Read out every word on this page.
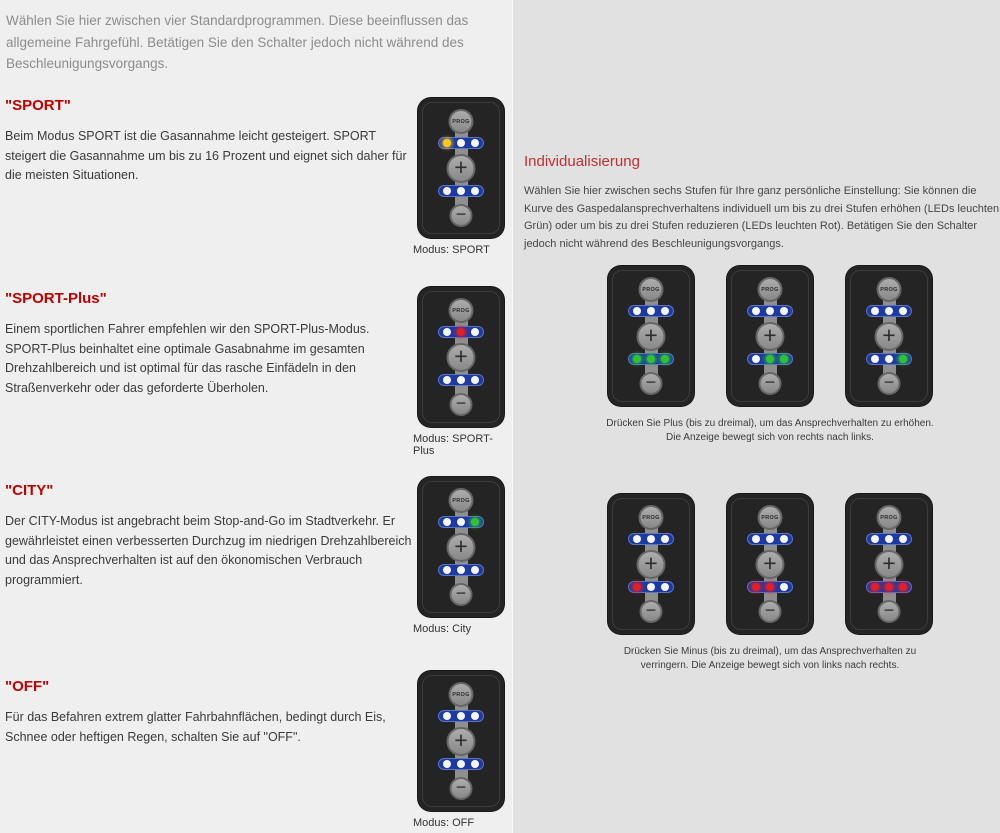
Wählen Sie hier zwischen vier Standardprogrammen. Diese beeinflussen das allgemeine Fahrgefühl. Betätigen Sie den Schalter jedoch nicht während des Beschleunigungsvorgangs.

"SPORT"

Beim Modus SPORT ist die Gasannahme leicht gesteigert. SPORT steigert die Gasannahme um bis zu 16 Prozent und eignet sich daher für die meisten Situationen.

"SPORT-Plus"

Einem sportlichen Fahrer empfehlen wir den SPORT-Plus-Modus. SPORT-Plus beinhaltet eine optimale Gasabnahme im gesamten Drehzahlbereich und ist optimal für das rasche Einfädeln in den Straßenverkehr oder das geforderte Überholen.

"CITY"

Der CITY-Modus ist angebracht beim Stop-and-Go im Stadtverkehr. Er gewährleistet einen verbesserten Durchzug im niedrigen Drehzahlbereich und das Ansprechverhalten ist auf den ökonomischen Verbrauch programmiert.

"OFF"

Für das Befahren extrem glatter Fahrbahnflächen, bedingt durch Eis, Schnee oder heftigen Regen, schalten Sie auf "OFF".

PROG
+
−
Modus: SPORT
PROG
+
−
Modus: SPORT-Plus
PROG
+
−
Modus: City
PROG
+
−
Modus: OFF
Individualisierung

Wählen Sie hier zwischen sechs Stufen für Ihre ganz persönliche Einstellung: Sie können die Kurve des Gaspedalansprechverhaltens individuell um bis zu drei Stufen erhöhen (LEDs leuchten Grün) oder um bis zu drei Stufen reduzieren (LEDs leuchten Rot). Betätigen Sie den Schalter jedoch nicht während des Beschleunigungsvorgangs.

PROG
+
−
PROG
+
−
PROG
+
−

Drücken Sie Plus (bis zu dreimal), um das Ansprechverhalten zu erhöhen. Die Anzeige bewegt sich von rechts nach links.

PROG
+
−
PROG
+
−
PROG
+
−

Drücken Sie Minus (bis zu dreimal), um das Ansprechverhalten zu verringern. Die Anzeige bewegt sich von links nach rechts.
